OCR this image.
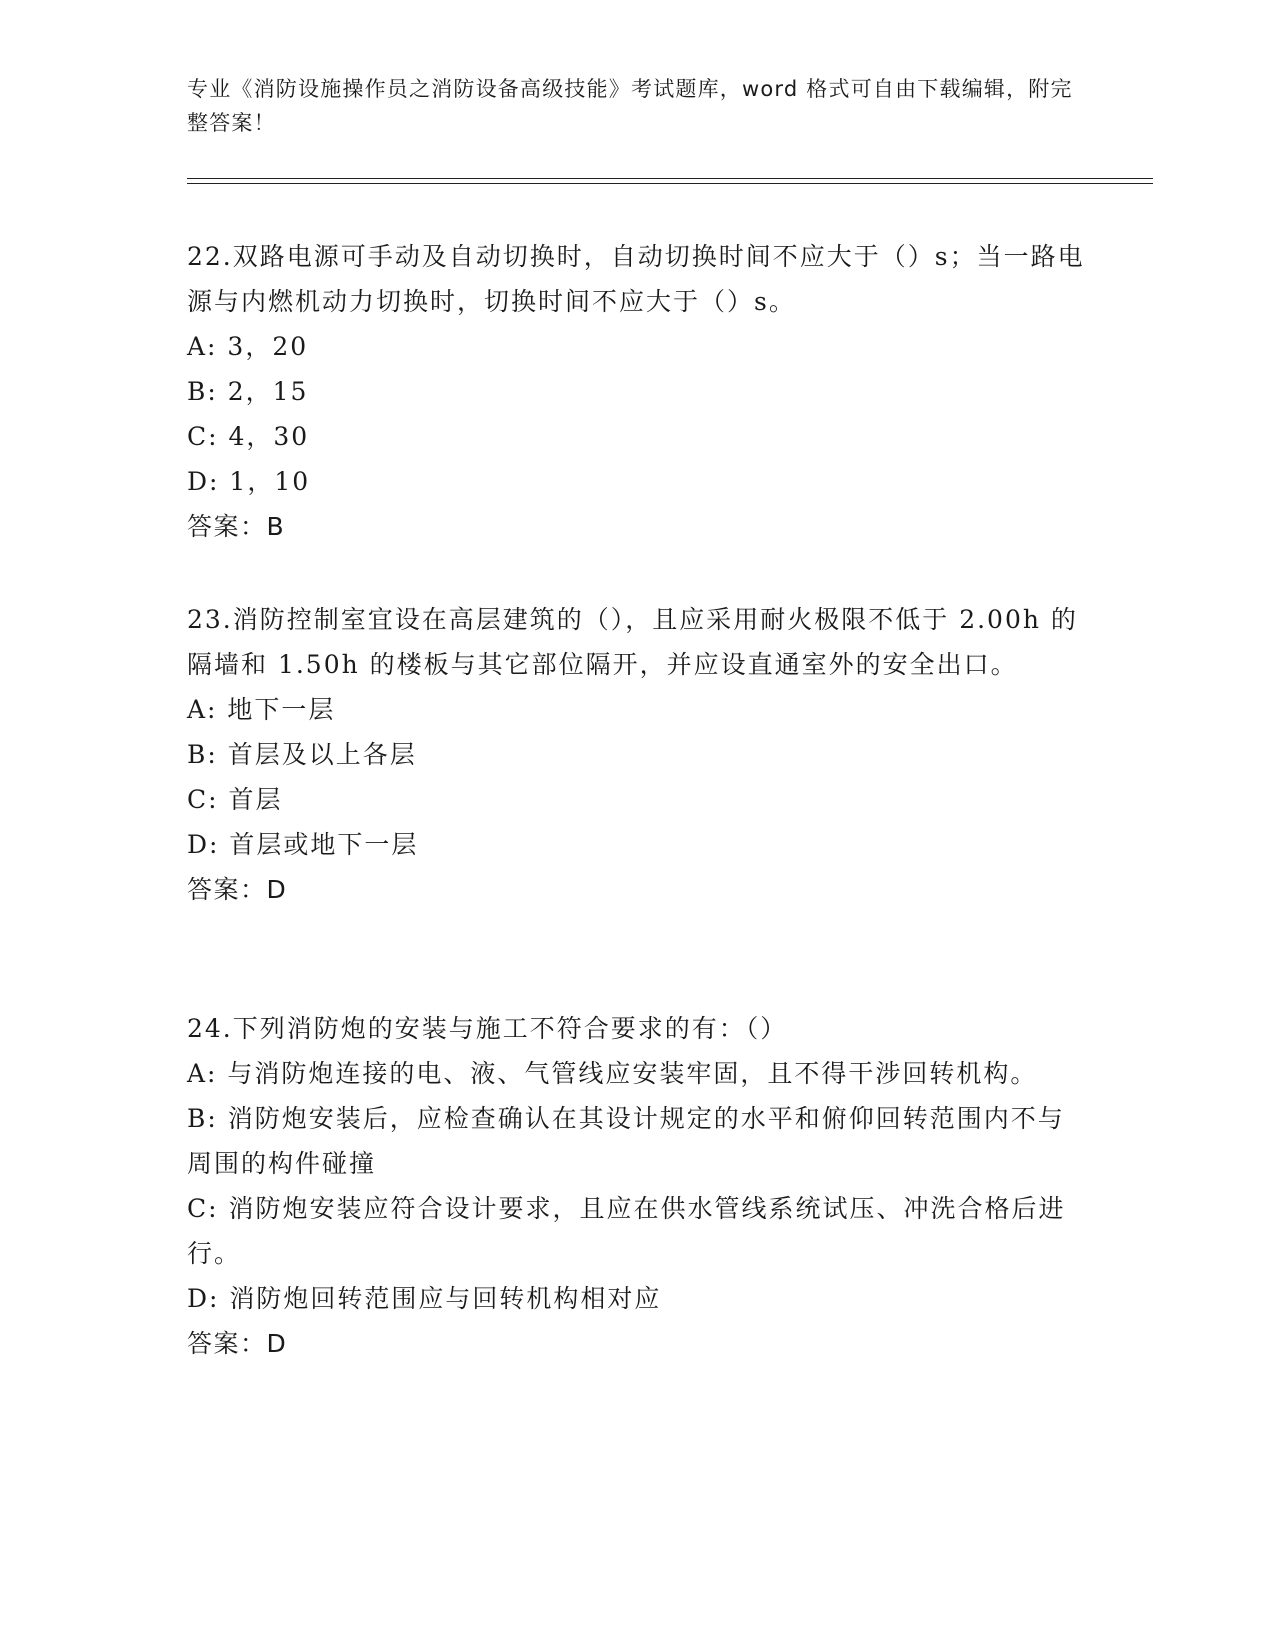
专业《消防设施操作员之消防设备高级技能》考试题库，word 格式可自由下载编辑，附完整答案！

22.双路电源可手动及自动切换时，自动切换时间不应大于（）s；当一路电源与内燃机动力切换时，切换时间不应大于（）s。

A: 3，20

B: 2，15

C: 4，30

D: 1，10

答案：B

23.消防控制室宜设在高层建筑的（），且应采用耐火极限不低于 2.00h 的隔墙和 1.50h 的楼板与其它部位隔开，并应设直通室外的安全出口。

A: 地下一层

B: 首层及以上各层

C: 首层

D: 首层或地下一层

答案：D

24.下列消防炮的安装与施工不符合要求的有：（）

A: 与消防炮连接的电、液、气管线应安装牢固，且不得干涉回转机构。

B: 消防炮安装后，应检查确认在其设计规定的水平和俯仰回转范围内不与周围的构件碰撞

C: 消防炮安装应符合设计要求，且应在供水管线系统试压、冲洗合格后进行。

D: 消防炮回转范围应与回转机构相对应

答案：D
